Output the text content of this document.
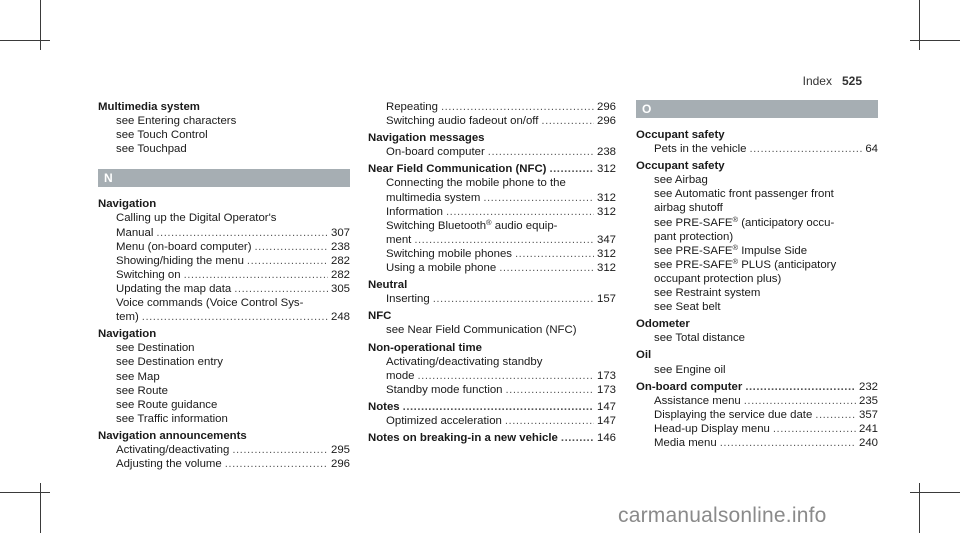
Index 525
Multimedia system
see Entering characters
see Touch Control
see Touchpad
N
Navigation
Calling up the Digital Operator's
Manual .....	307
Menu (on-board computer) .....	238
Showing/hiding the menu .....	282
Switching on .....	282
Updating the map data .....	305
Voice commands (Voice Control Sys-
tem) .....	248
Navigation
see Destination
see Destination entry
see Map
see Route
see Route guidance
see Traffic information
Navigation announcements
Activating/deactivating .....	295
Adjusting the volume .....	296
Repeating .....	296
Switching audio fadeout on/off .....	296
Navigation messages
On-board computer .....	238
Near Field Communication (NFC) .....	312
Connecting the mobile phone to the
multimedia system .....	312
Information .....	312
Switching Bluetooth® audio equip-
ment .....	347
Switching mobile phones .....	312
Using a mobile phone .....	312
Neutral
Inserting .....	157
NFC
see Near Field Communication (NFC)
Non-operational time
Activating/deactivating standby
mode .....	173
Standby mode function .....	173
Notes .....	147
Optimized acceleration .....	147
Notes on breaking-in a new vehicle .....	146
O
Occupant safety
Pets in the vehicle .....	64
Occupant safety
see Airbag
see Automatic front passenger front
airbag shutoff
see PRE-SAFE® (anticipatory occu-
pant protection)
see PRE-SAFE® Impulse Side
see PRE-SAFE® PLUS (anticipatory
occupant protection plus)
see Restraint system
see Seat belt
Odometer
see Total distance
Oil
see Engine oil
On-board computer .....	232
Assistance menu .....	235
Displaying the service due date .....	357
Head-up Display menu .....	241
Media menu .....	240
carmanualsonline.info
